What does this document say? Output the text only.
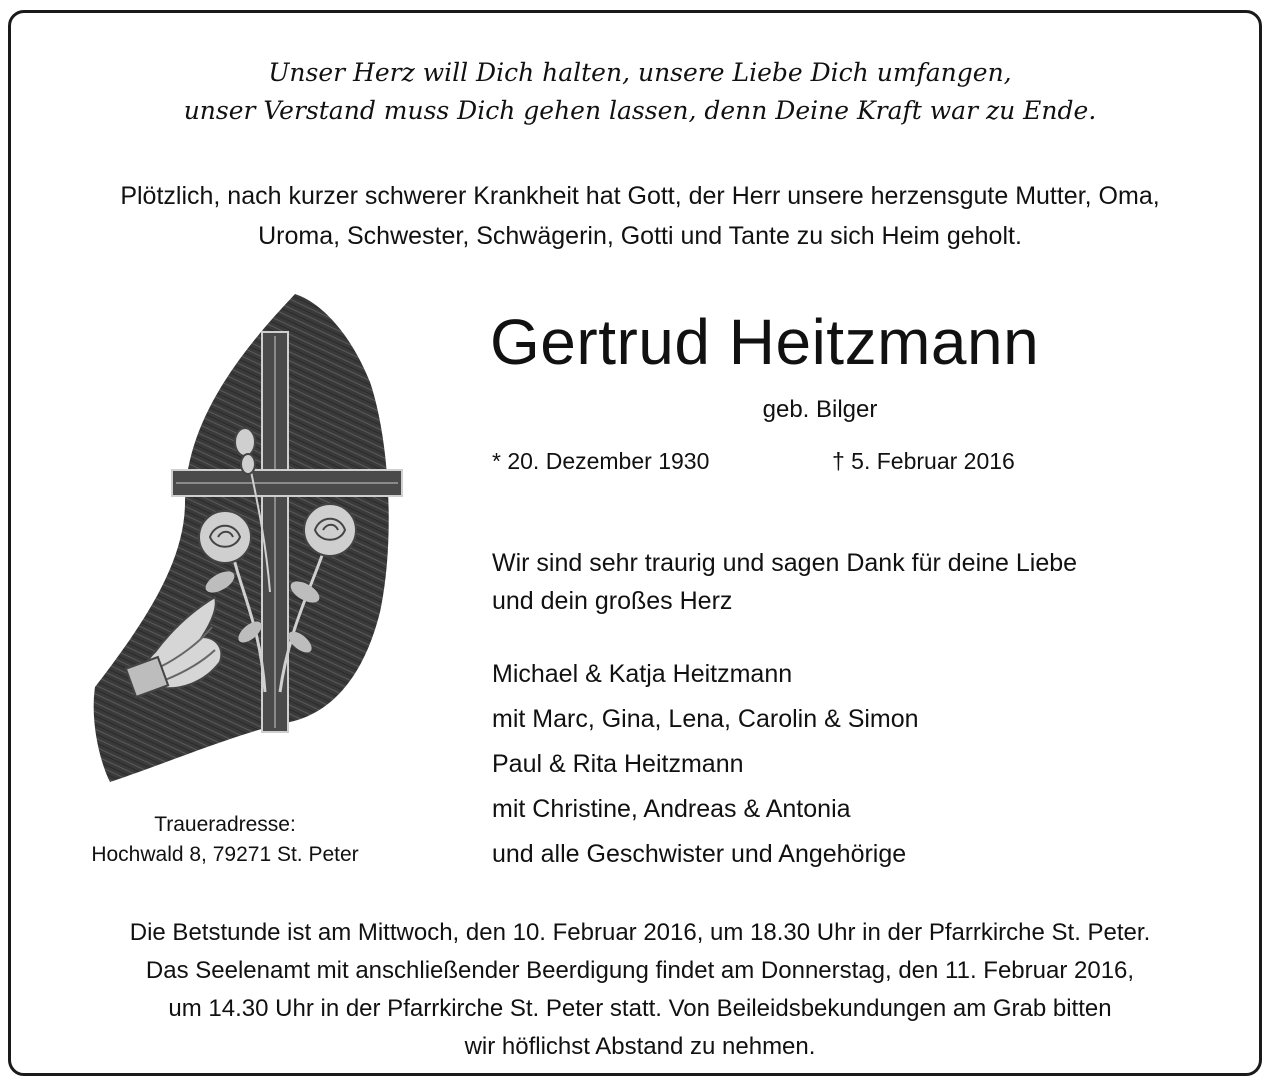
Unser Herz will Dich halten, unsere Liebe Dich umfangen,
unser Verstand muss Dich gehen lassen, denn Deine Kraft war zu Ende.
Plötzlich, nach kurzer schwerer Krankheit hat Gott, der Herr unsere herzensgute Mutter, Oma,
Uroma, Schwester, Schwägerin, Gotti und Tante zu sich Heim geholt.
Traueradresse:
Hochwald 8, 79271 St. Peter
Gertrud Heitzmann
geb. Bilger
* 20. Dezember 1930	† 5. Februar 2016
Wir sind sehr traurig und sagen Dank für deine Liebe
und dein großes Herz
Michael & Katja Heitzmann
mit Marc, Gina, Lena, Carolin & Simon
Paul & Rita Heitzmann
mit Christine, Andreas & Antonia
und alle Geschwister und Angehörige
Die Betstunde ist am Mittwoch, den 10. Februar 2016, um 18.30 Uhr in der Pfarrkirche St. Peter.
Das Seelenamt mit anschließender Beerdigung findet am Donnerstag, den 11. Februar 2016,
um 14.30 Uhr in der Pfarrkirche St. Peter statt. Von Beileidsbekundungen am Grab bitten
wir höflichst Abstand zu nehmen.
